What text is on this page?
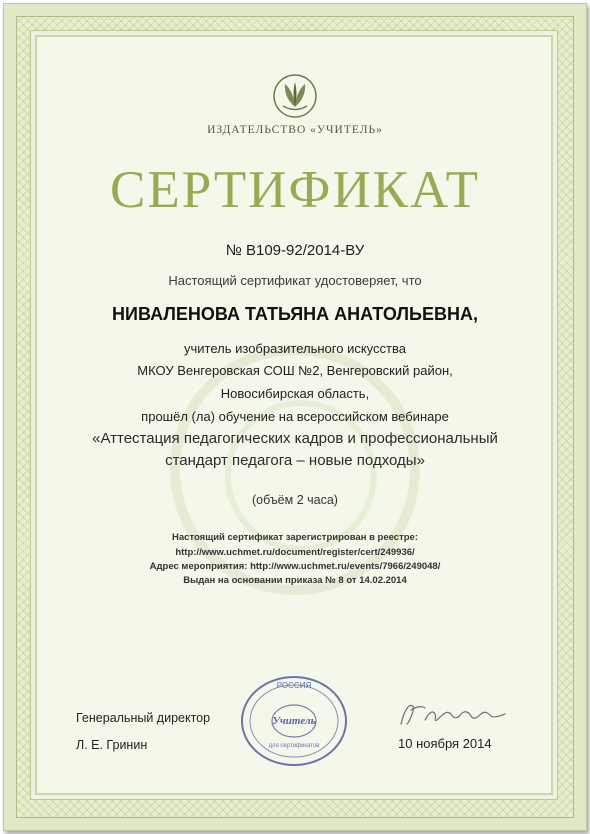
ИЗДАТЕЛЬСТВО «УЧИТЕЛЬ»
СЕРТИФИКАТ
№ В109-92/2014-ВУ
Настоящий сертификат удостоверяет, что
НИВАЛЕНОВА ТАТЬЯНА АНАТОЛЬЕВНА,
учитель изобразительного искусства
МКОУ Венгеровская СОШ №2, Венгеровский район,
Новосибирская область,
прошёл (ла) обучение на всероссийском вебинаре
«Аттестация педагогических кадров и профессиональный
стандарт педагога – новые подходы»
(объём 2 часа)
Настоящий сертификат зарегистрирован в реестре:
http://www.uchmet.ru/document/register/cert/249936/
Адрес мероприятия: http://www.uchmet.ru/events/7966/249048/
Выдан на основании приказа № 8 от 14.02.2014
Генеральный директор
Л. Е. Гринин	10 ноября 2014
РОССИЯ
Учитель
для сертификатов
